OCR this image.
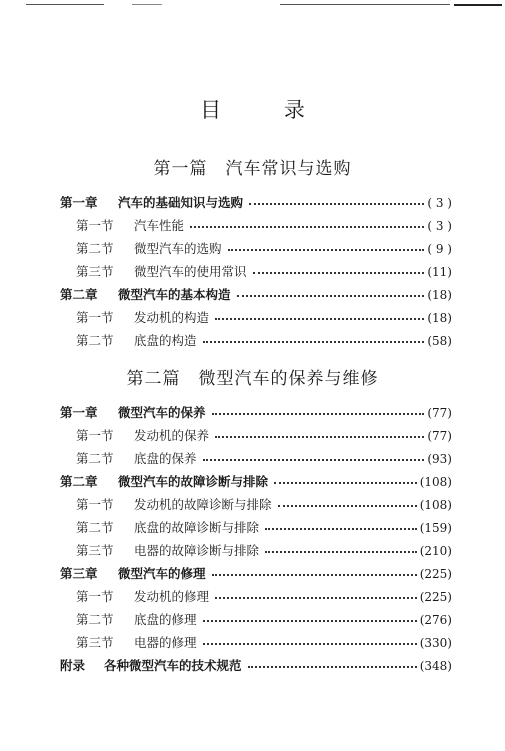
目 录
第一篇　汽车常识与选购
第一章	汽车的基础知识与选购	( 3 )
第一节	汽车性能	( 3 )
第二节	微型汽车的选购	( 9 )
第三节	微型汽车的使用常识	(11)
第二章	微型汽车的基本构造	(18)
第一节	发动机的构造	(18)
第二节	底盘的构造	(58)
第二篇　微型汽车的保养与维修
第一章	微型汽车的保养	(77)
第一节	发动机的保养	(77)
第二节	底盘的保养	(93)
第二章	微型汽车的故障诊断与排除	(108)
第一节	发动机的故障诊断与排除	(108)
第二节	底盘的故障诊断与排除	(159)
第三节	电器的故障诊断与排除	(210)
第三章	微型汽车的修理	(225)
第一节	发动机的修理	(225)
第二节	底盘的修理	(276)
第三节	电器的修理	(330)
附录	各种微型汽车的技术规范	(348)
